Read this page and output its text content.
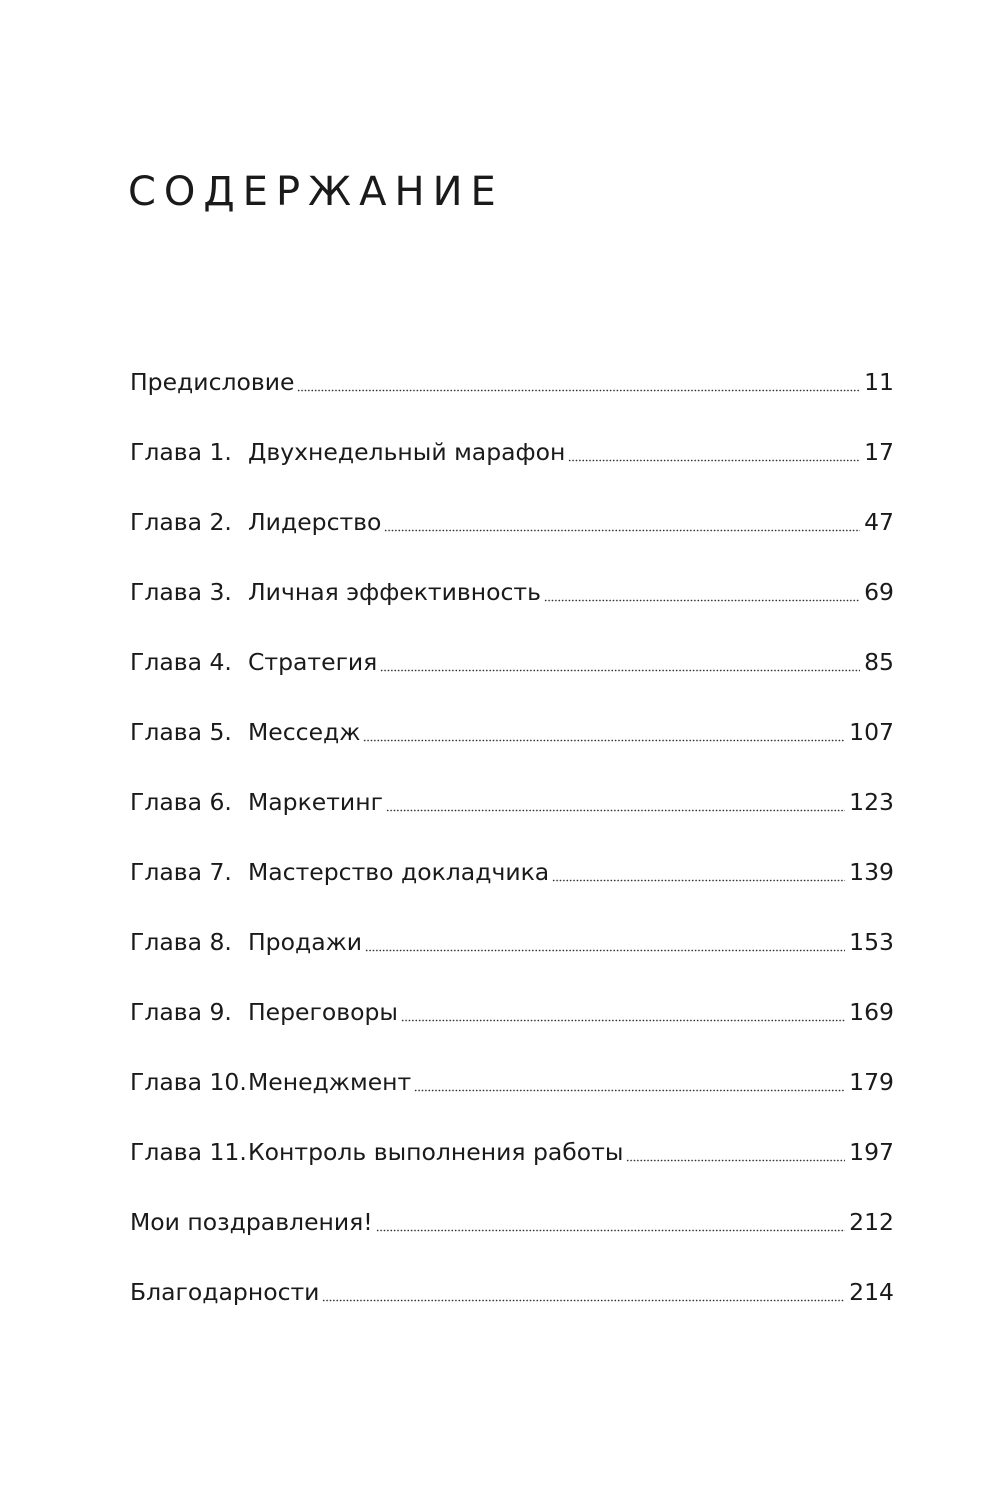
СОДЕРЖАНИЕ
Предисловие	11
Глава 1. Двухнедельный марафон	17
Глава 2. Лидерство	47
Глава 3. Личная эффективность	69
Глава 4. Стратегия	85
Глава 5. Месседж	107
Глава 6. Маркетинг	123
Глава 7. Мастерство докладчика	139
Глава 8. Продажи	153
Глава 9. Переговоры	169
Глава 10. Менеджмент	179
Глава 11. Контроль выполнения работы	197
Мои поздравления!	212
Благодарности	214
